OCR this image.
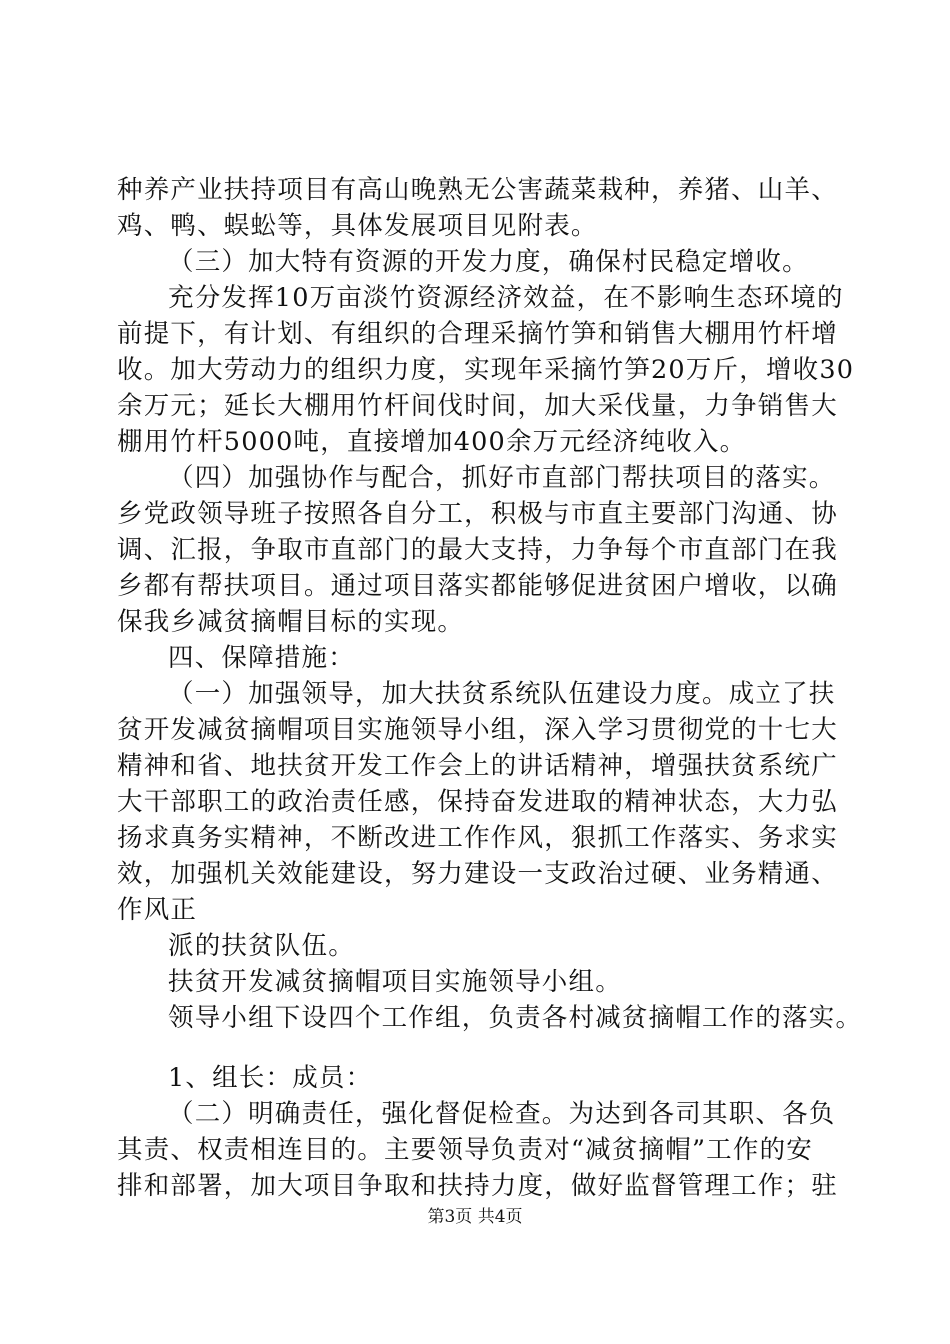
种养产业扶持项目有高山晚熟无公害蔬菜栽种，养猪、山羊、
鸡、鸭、蜈蚣等，具体发展项目见附表。
（三）加大特有资源的开发力度，确保村民稳定增收。
充分发挥10万亩淡竹资源经济效益，在不影响生态环境的
前提下，有计划、有组织的合理采摘竹笋和销售大棚用竹杆增
收。加大劳动力的组织力度，实现年采摘竹笋20万斤，增收30
余万元；延长大棚用竹杆间伐时间，加大采伐量，力争销售大
棚用竹杆5000吨，直接增加400余万元经济纯收入。
（四）加强协作与配合，抓好市直部门帮扶项目的落实。
乡党政领导班子按照各自分工，积极与市直主要部门沟通、协
调、汇报，争取市直部门的最大支持，力争每个市直部门在我
乡都有帮扶项目。通过项目落实都能够促进贫困户增收，以确
保我乡减贫摘帽目标的实现。
四、保障措施：
（一）加强领导，加大扶贫系统队伍建设力度。成立了扶
贫开发减贫摘帽项目实施领导小组，深入学习贯彻党的十七大
精神和省、地扶贫开发工作会上的讲话精神，增强扶贫系统广
大干部职工的政治责任感，保持奋发进取的精神状态，大力弘
扬求真务实精神，不断改进工作作风，狠抓工作落实、务求实
效，加强机关效能建设，努力建设一支政治过硬、业务精通、
作风正
派的扶贫队伍。
扶贫开发减贫摘帽项目实施领导小组。
领导小组下设四个工作组，负责各村减贫摘帽工作的落实。
1、组长：成员：
（二）明确责任，强化督促检查。为达到各司其职、各负
其责、权责相连目的。主要领导负责对“减贫摘帽”工作的安
排和部署，加大项目争取和扶持力度，做好监督管理工作；驻
第3页 共4页
